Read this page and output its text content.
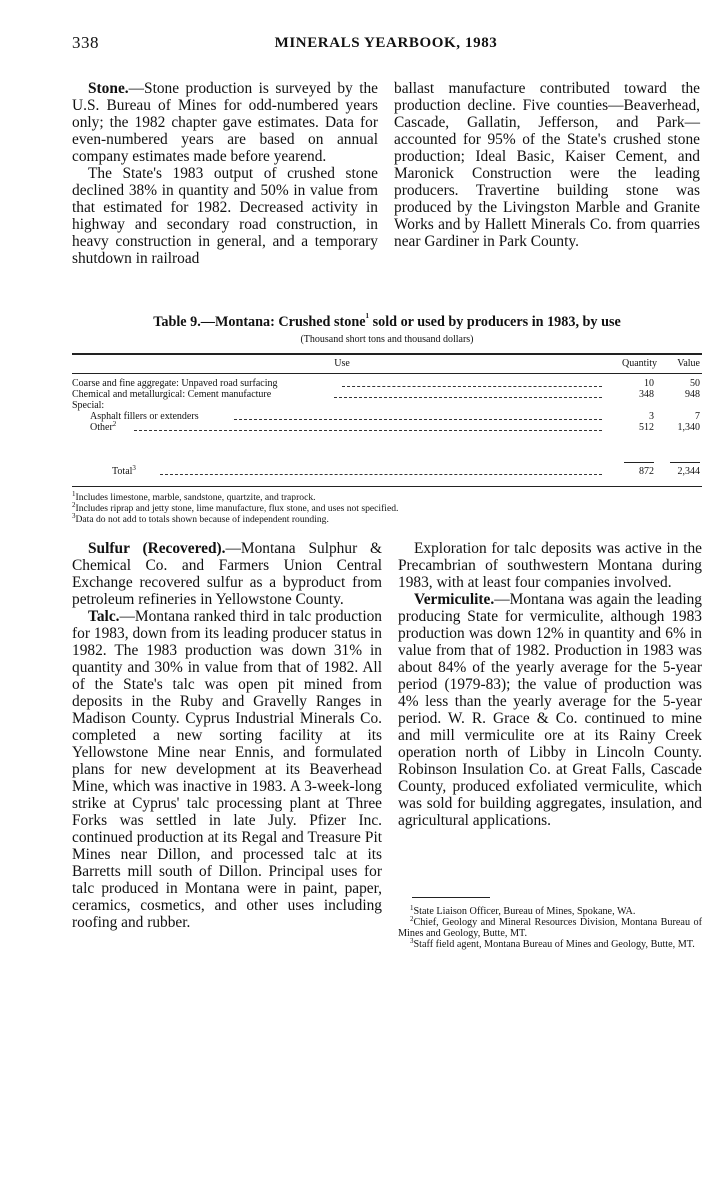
338	MINERALS YEARBOOK, 1983

Stone.—Stone production is surveyed by the U.S. Bureau of Mines for odd-numbered years only; the 1982 chapter gave estimates. Data for even-numbered years are based on annual company estimates made before yearend.

The State's 1983 output of crushed stone declined 38% in quantity and 50% in value from that estimated for 1982. Decreased activity in highway and secondary road construction, in heavy construction in general, and a temporary shutdown in railroad

ballast manufacture contributed toward the production decline. Five counties—Beaverhead, Cascade, Gallatin, Jefferson, and Park—accounted for 95% of the State's crushed stone production; Ideal Basic, Kaiser Cement, and Maronick Construction were the leading producers. Travertine building stone was produced by the Livingston Marble and Granite Works and by Hallett Minerals Co. from quarries near Gardiner in Park County.

Table 9.—Montana: Crushed stone$^1$ sold or used by producers in 1983, by use
(Thousand short tons and thousand dollars)
Use	Quantity	Value
Coarse and fine aggregate: Unpaved road surfacing	10	50
Chemical and metallurgical: Cement manufacture	348	948
Special:
Asphalt fillers or extenders	3	7
Other$^2$	512	1,340
Total$^3$	872	2,344
$^1$Includes limestone, marble, sandstone, quartzite, and traprock.
$^2$Includes riprap and jetty stone, lime manufacture, flux stone, and uses not specified.
$^3$Data do not add to totals shown because of independent rounding.

Sulfur (Recovered).—Montana Sulphur & Chemical Co. and Farmers Union Central Exchange recovered sulfur as a byproduct from petroleum refineries in Yellowstone County.

Talc.—Montana ranked third in talc production for 1983, down from its leading producer status in 1982. The 1983 production was down 31% in quantity and 30% in value from that of 1982. All of the State's talc was open pit mined from deposits in the Ruby and Gravelly Ranges in Madison County. Cyprus Industrial Minerals Co. completed a new sorting facility at its Yellowstone Mine near Ennis, and formulated plans for new development at its Beaverhead Mine, which was inactive in 1983. A 3-week-long strike at Cyprus' talc processing plant at Three Forks was settled in late July. Pfizer Inc. continued production at its Regal and Treasure Pit Mines near Dillon, and processed talc at its Barretts mill south of Dillon. Principal uses for talc produced in Montana were in paint, paper, ceramics, cosmetics, and other uses including roofing and rubber.

Exploration for talc deposits was active in the Precambrian of southwestern Montana during 1983, with at least four companies involved.

Vermiculite.—Montana was again the leading producing State for vermiculite, although 1983 production was down 12% in quantity and 6% in value from that of 1982. Production in 1983 was about 84% of the yearly average for the 5-year period (1979-83); the value of production was 4% less than the yearly average for the 5-year period. W. R. Grace & Co. continued to mine and mill vermiculite ore at its Rainy Creek operation north of Libby in Lincoln County. Robinson Insulation Co. at Great Falls, Cascade County, produced exfoliated vermiculite, which was sold for building aggregates, insulation, and agricultural applications.

$^1$State Liaison Officer, Bureau of Mines, Spokane, WA.

$^2$Chief, Geology and Mineral Resources Division, Montana Bureau of Mines and Geology, Butte, MT.

$^3$Staff field agent, Montana Bureau of Mines and Geology, Butte, MT.
